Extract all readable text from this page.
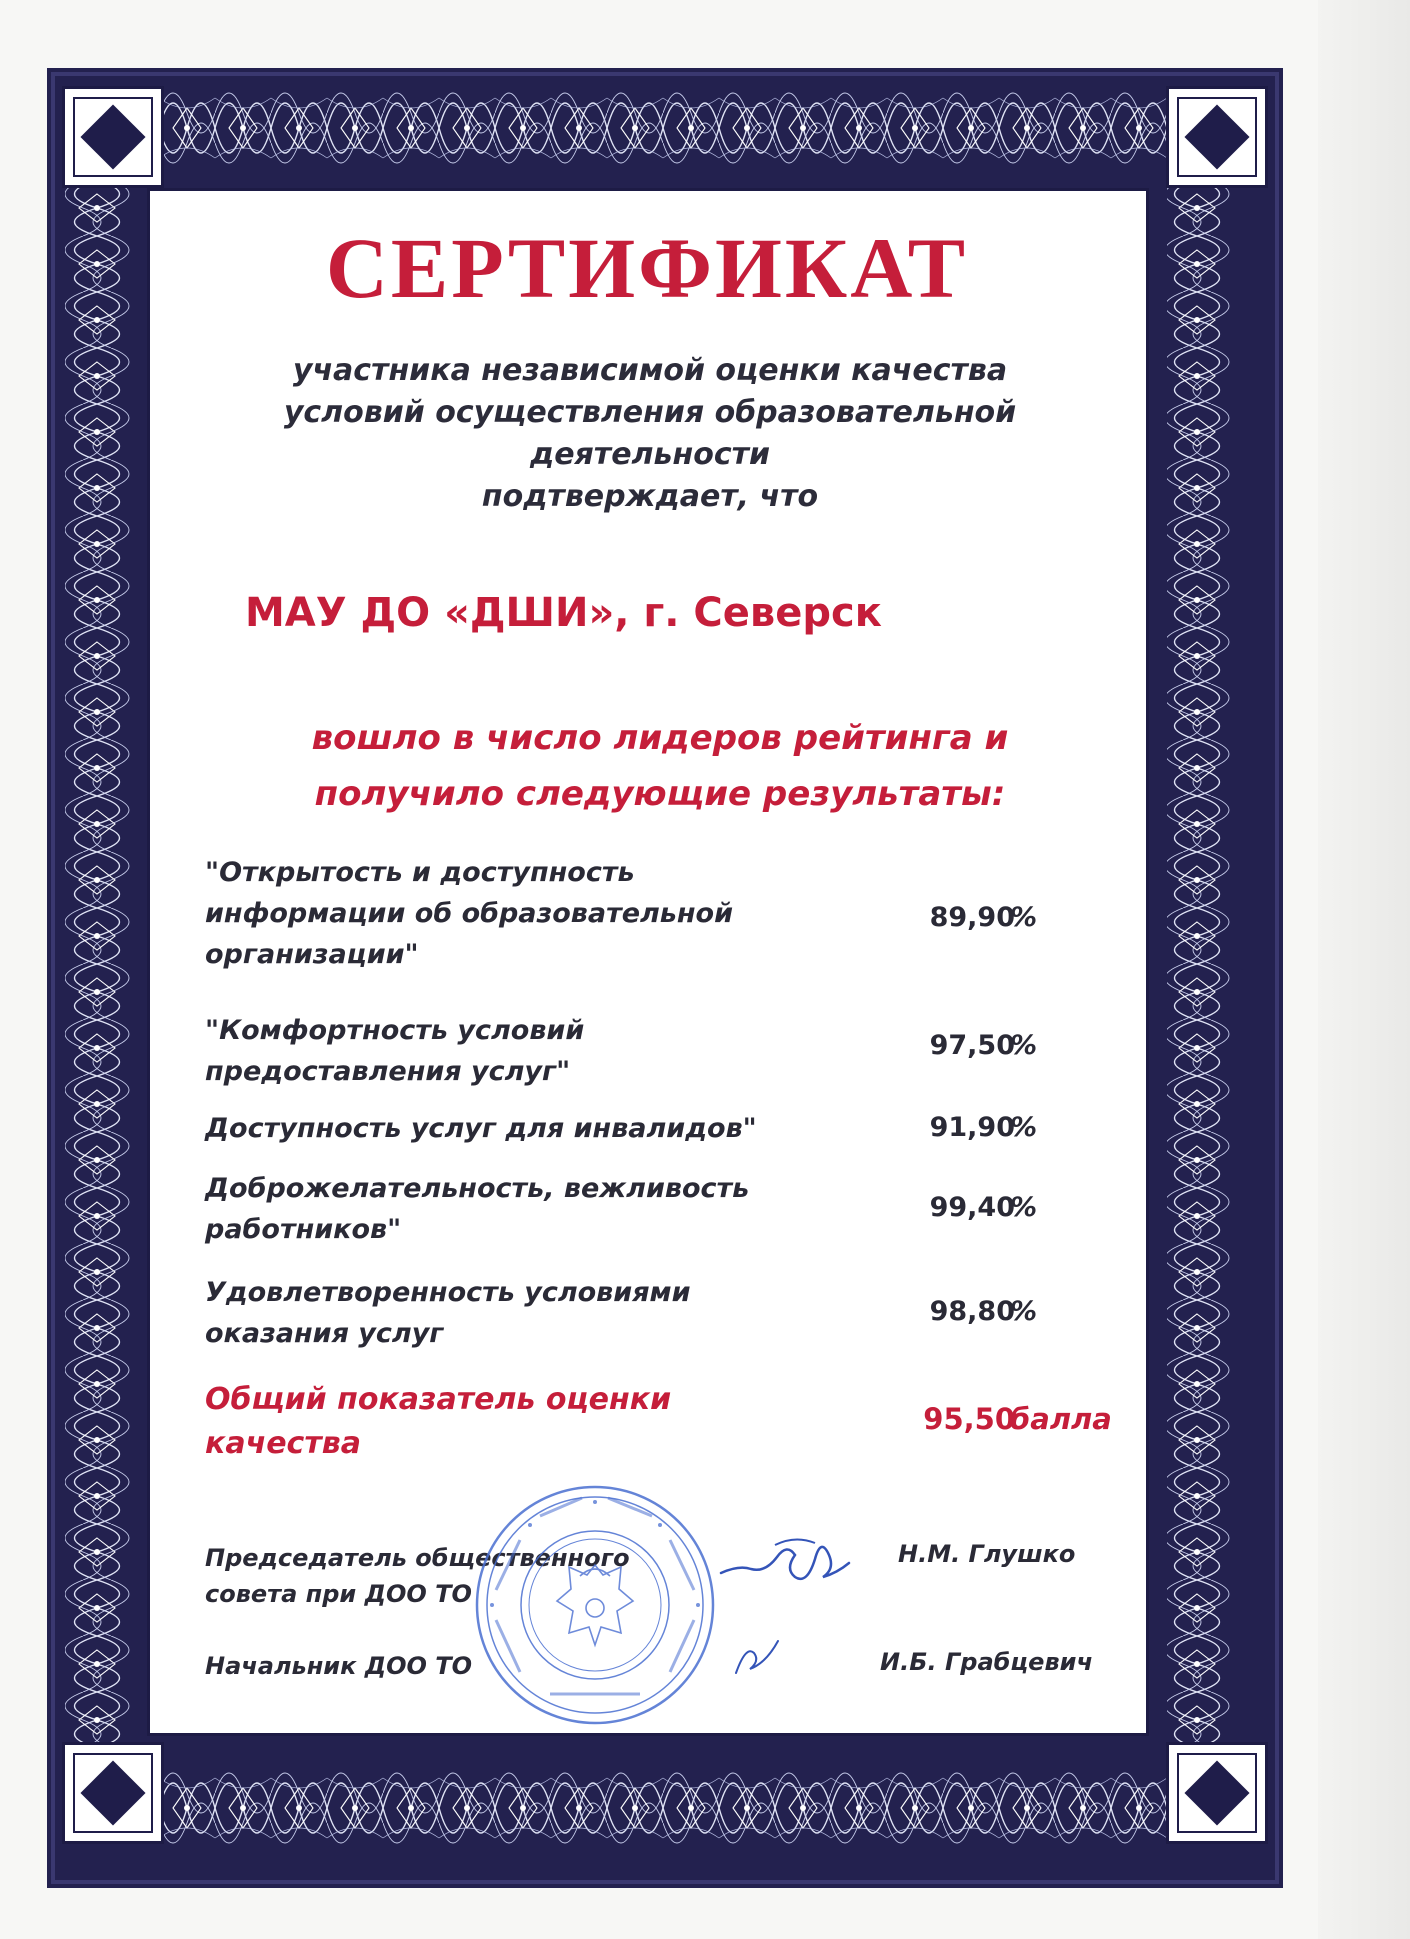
СЕРТИФИКАТ
участника независимой оценки качества
условий осуществления образовательной
деятельности
подтверждает, что
МАУ ДО «ДШИ», г. Северск
вошло в число лидеров рейтинга и
получило следующие результаты:
"Открытость и доступность
информации об образовательной
организации"
89,90
%
"Комфортность условий
предоставления услуг"
97,50
%
Доступность услуг для инвалидов"	91,90
%
Доброжелательность, вежливость
работников"
99,40
%
Удовлетворенность условиями
оказания услуг
98,80
%
Общий показатель оценки
качества
95,50
балла
Председатель общественного
совета при ДОО ТО
Н.М. Глушко
Начальник ДОО ТО	И.Б. Грабцевич
